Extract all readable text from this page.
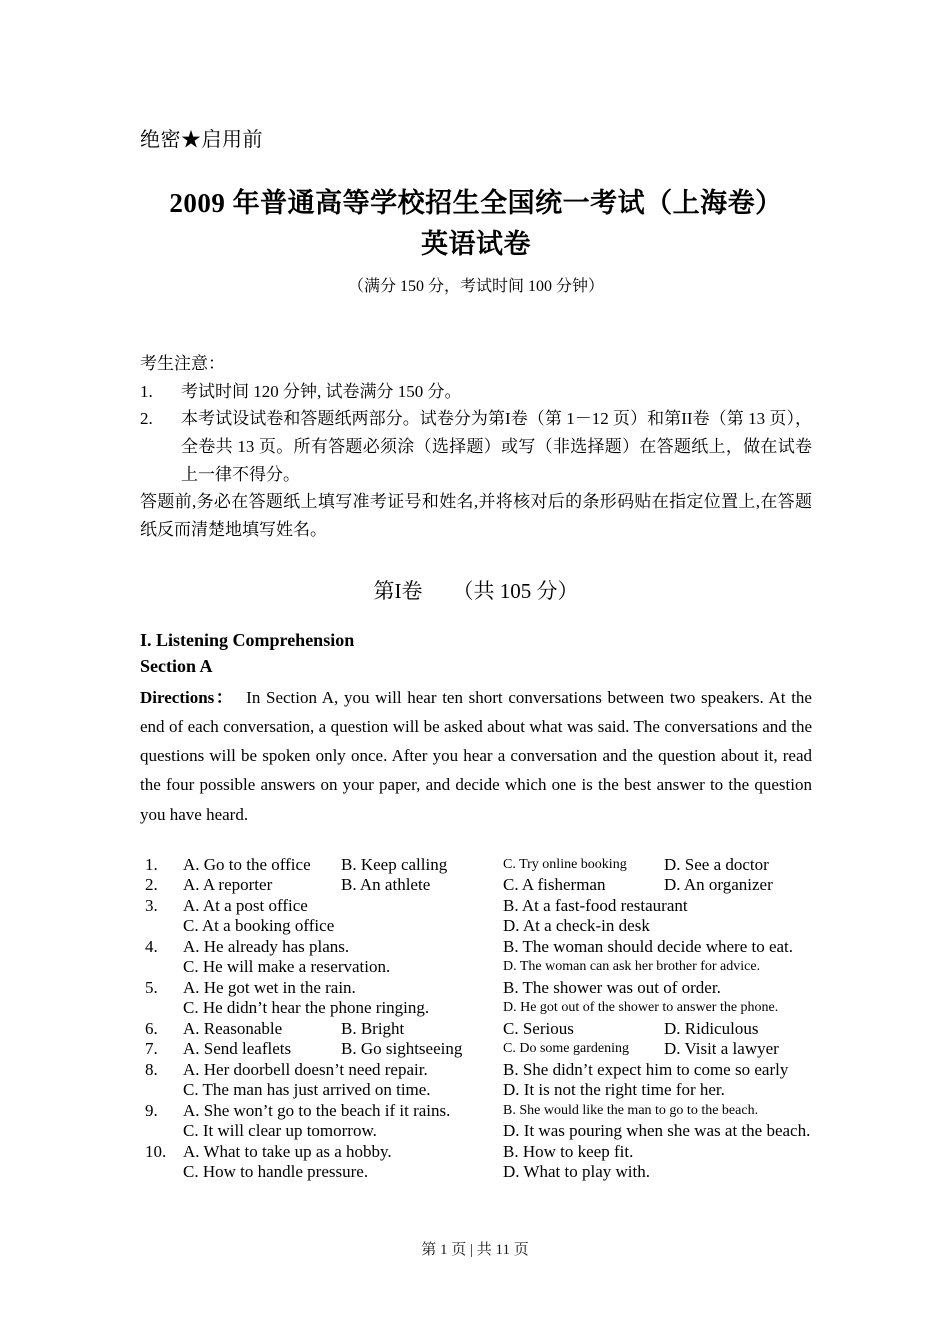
绝密★启用前
2009 年普通高等学校招生全国统一考试（上海卷）
英语试卷
（满分 150 分，考试时间 100 分钟）
考生注意：
1. 考试时间 120 分钟, 试卷满分 150 分。
2. 本考试设试卷和答题纸两部分。试卷分为第I卷（第 1－12 页）和第II卷（第 13 页），全卷共 13 页。所有答题必须涂（选择题）或写（非选择题）在答题纸上，做在试卷上一律不得分。
答题前,务必在答题纸上填写准考证号和姓名,并将核对后的条形码贴在指定位置上,在答题纸反而清楚地填写姓名。
第I卷 （共 105 分）
I. Listening Comprehension
Section A
Directions： In Section A, you will hear ten short conversations between two speakers. At the end of each conversation, a question will be asked about what was said. The conversations and the questions will be spoken only once. After you hear a conversation and the question about it, read the four possible answers on your paper, and decide which one is the best answer to the question you have heard.
1.	A. Go to the office B. Keep calling	C. Try online booking D. See a doctor
2.	A. A reporter	B. An athlete	C. A fisherman	D. An organizer
3.	A. At a post office	B. At a fast-food restaurant
C. At a booking office	D. At a check-in desk
4.	A. He already has plans.	B. The woman should decide where to eat.
C. He will make a reservation.	D. The woman can ask her brother for advice.
5.	A. He got wet in the rain.	B. The shower was out of order.
C. He didn’t hear the phone ringing.	D. He got out of the shower to answer the phone.
6.	A. Reasonable	B. Bright	C. Serious	D. Ridiculous
7.	A. Send leaflets	B. Go sightseeing	C. Do some gardening D. Visit a lawyer
8.	A. Her doorbell doesn’t need repair.	B. She didn’t expect him to come so early
C. The man has just arrived on time.	D. It is not the right time for her.
9.	A. She won’t go to the beach if it rains.	B. She would like the man to go to the beach.
C. It will clear up tomorrow.	D. It was pouring when she was at the beach.
10. A. What to take up as a hobby.	B. How to keep fit.
C. How to handle pressure.	D. What to play with.
第 1 页 | 共 11 页
